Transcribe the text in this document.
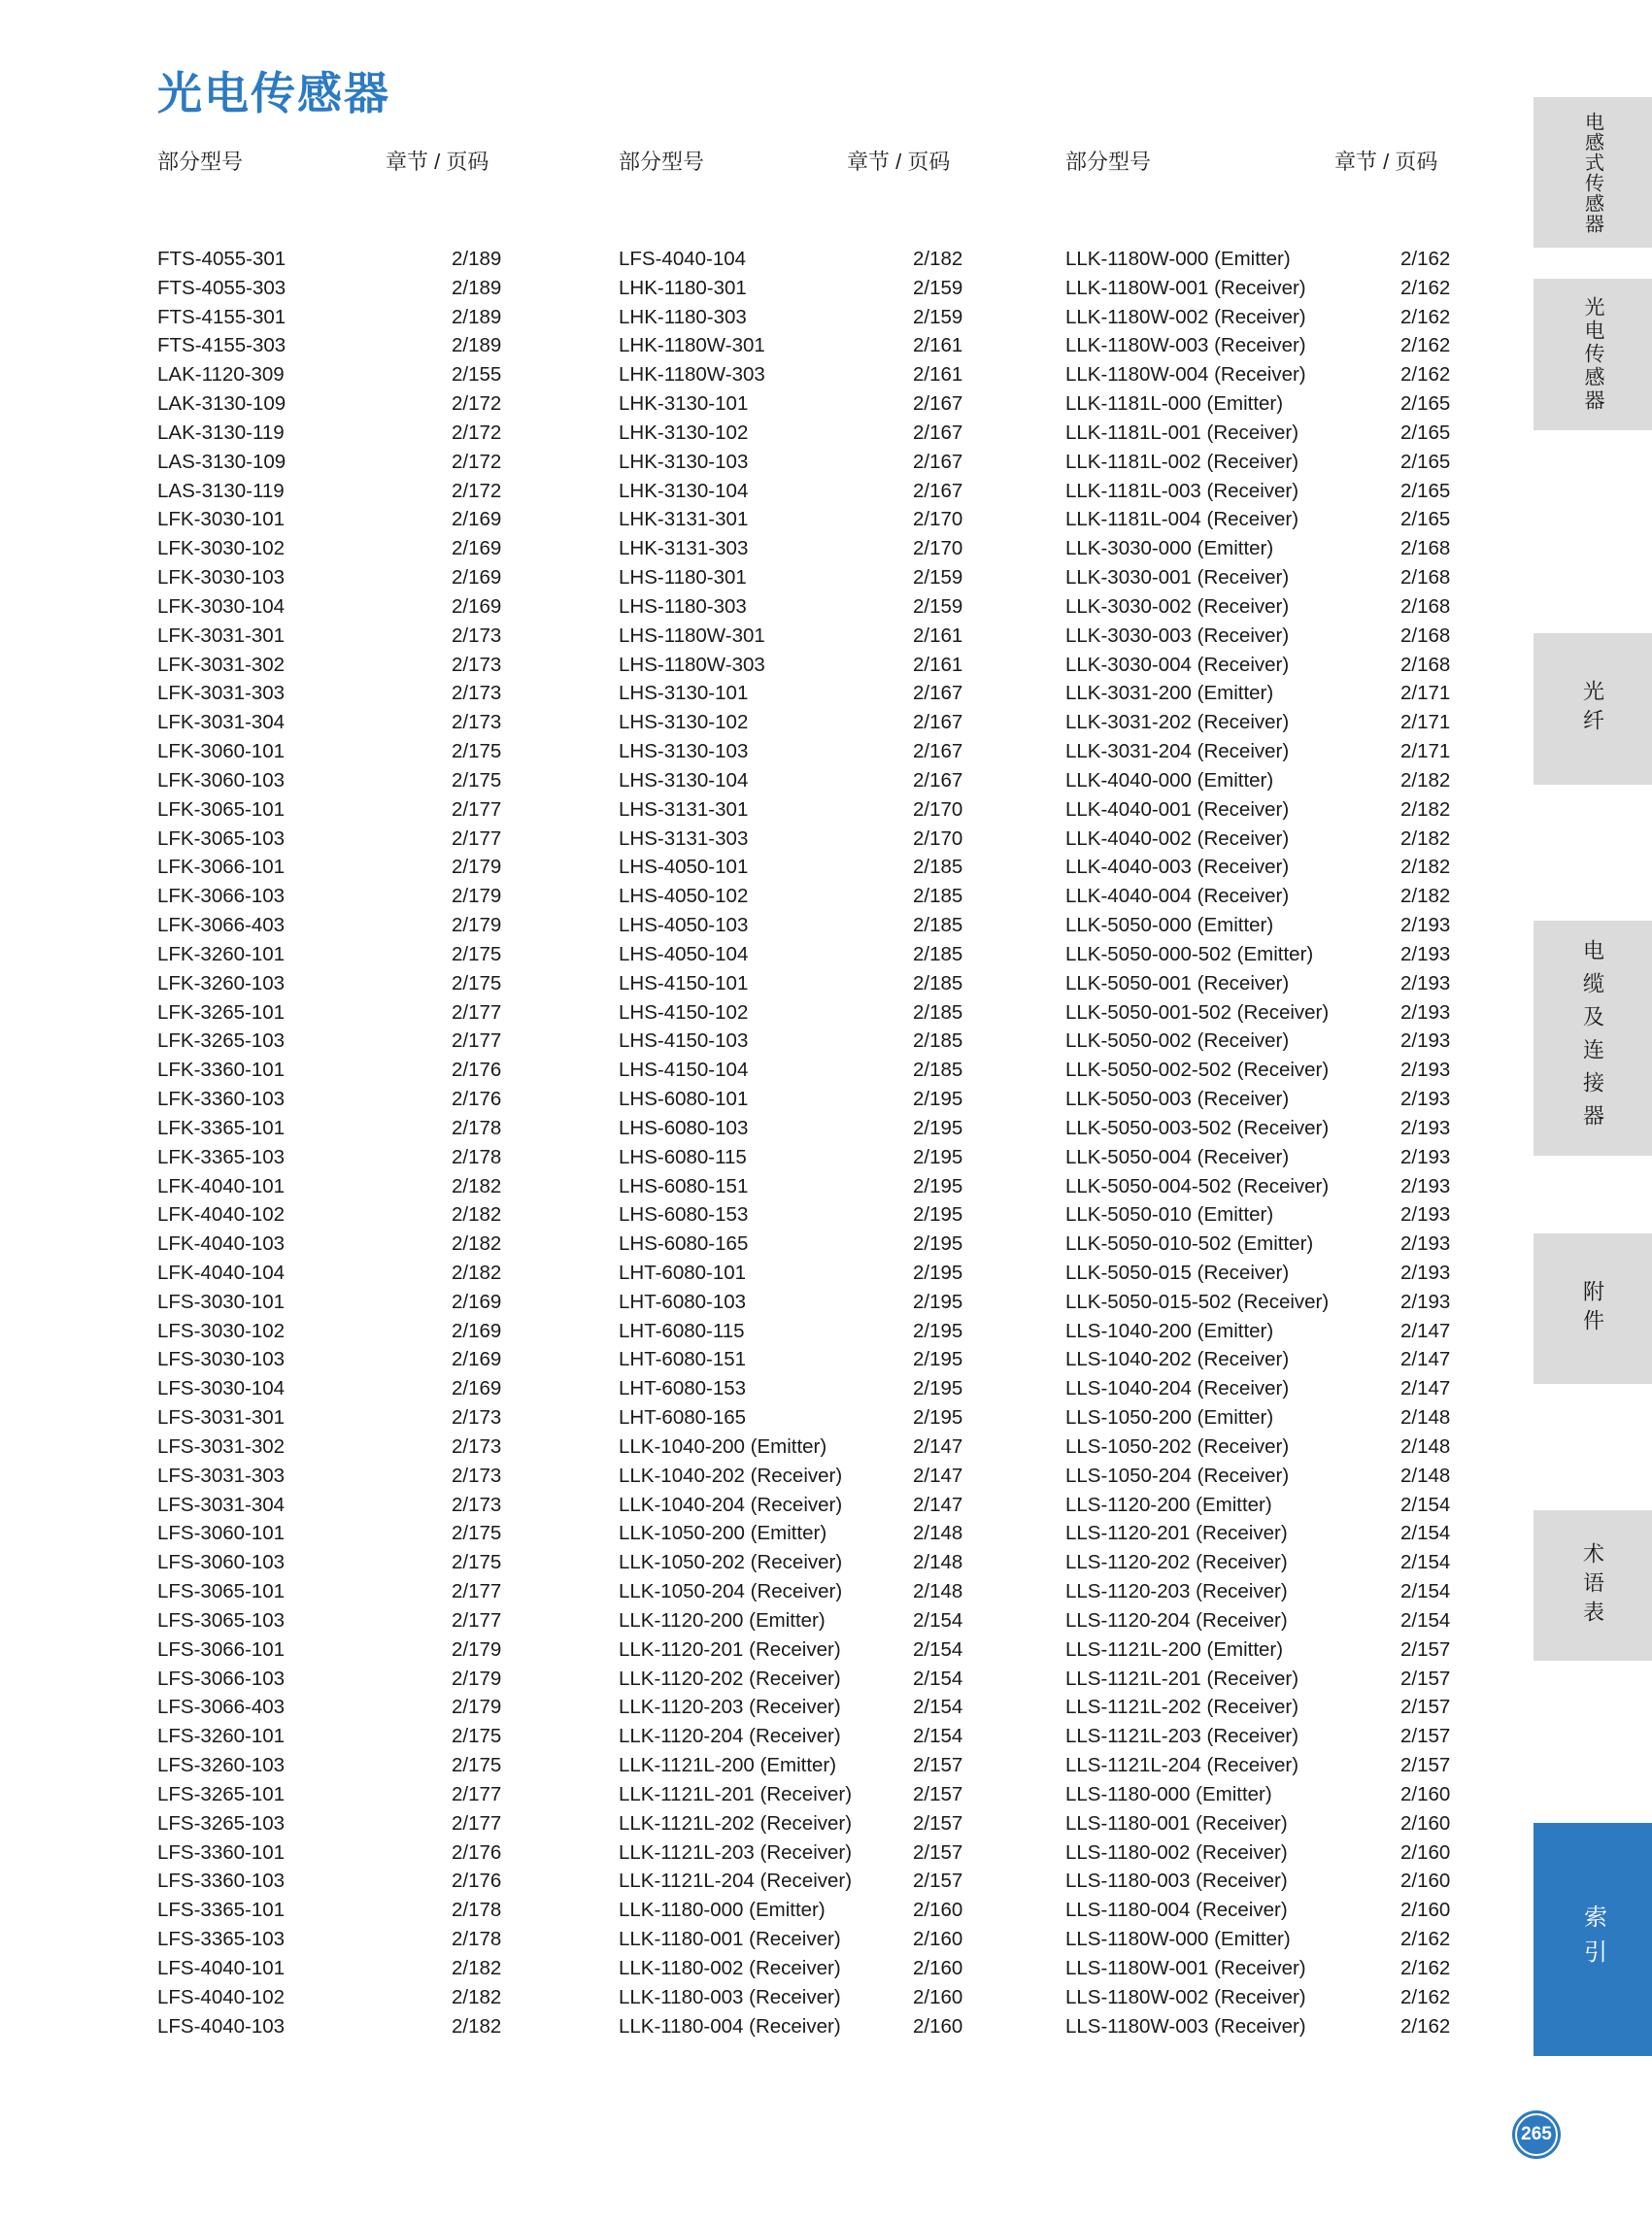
光电传感器
部分型号	章节 / 页码
FTS-4055-301	2/189
FTS-4055-303	2/189
FTS-4155-301	2/189
FTS-4155-303	2/189
LAK-1120-309	2/155
LAK-3130-109	2/172
LAK-3130-119	2/172
LAS-3130-109	2/172
LAS-3130-119	2/172
LFK-3030-101	2/169
LFK-3030-102	2/169
LFK-3030-103	2/169
LFK-3030-104	2/169
LFK-3031-301	2/173
LFK-3031-302	2/173
LFK-3031-303	2/173
LFK-3031-304	2/173
LFK-3060-101	2/175
LFK-3060-103	2/175
LFK-3065-101	2/177
LFK-3065-103	2/177
LFK-3066-101	2/179
LFK-3066-103	2/179
LFK-3066-403	2/179
LFK-3260-101	2/175
LFK-3260-103	2/175
LFK-3265-101	2/177
LFK-3265-103	2/177
LFK-3360-101	2/176
LFK-3360-103	2/176
LFK-3365-101	2/178
LFK-3365-103	2/178
LFK-4040-101	2/182
LFK-4040-102	2/182
LFK-4040-103	2/182
LFK-4040-104	2/182
LFS-3030-101	2/169
LFS-3030-102	2/169
LFS-3030-103	2/169
LFS-3030-104	2/169
LFS-3031-301	2/173
LFS-3031-302	2/173
LFS-3031-303	2/173
LFS-3031-304	2/173
LFS-3060-101	2/175
LFS-3060-103	2/175
LFS-3065-101	2/177
LFS-3065-103	2/177
LFS-3066-101	2/179
LFS-3066-103	2/179
LFS-3066-403	2/179
LFS-3260-101	2/175
LFS-3260-103	2/175
LFS-3265-101	2/177
LFS-3265-103	2/177
LFS-3360-101	2/176
LFS-3360-103	2/176
LFS-3365-101	2/178
LFS-3365-103	2/178
LFS-4040-101	2/182
LFS-4040-102	2/182
LFS-4040-103	2/182
部分型号	章节 / 页码
LFS-4040-104	2/182
LHK-1180-301	2/159
LHK-1180-303	2/159
LHK-1180W-301	2/161
LHK-1180W-303	2/161
LHK-3130-101	2/167
LHK-3130-102	2/167
LHK-3130-103	2/167
LHK-3130-104	2/167
LHK-3131-301	2/170
LHK-3131-303	2/170
LHS-1180-301	2/159
LHS-1180-303	2/159
LHS-1180W-301	2/161
LHS-1180W-303	2/161
LHS-3130-101	2/167
LHS-3130-102	2/167
LHS-3130-103	2/167
LHS-3130-104	2/167
LHS-3131-301	2/170
LHS-3131-303	2/170
LHS-4050-101	2/185
LHS-4050-102	2/185
LHS-4050-103	2/185
LHS-4050-104	2/185
LHS-4150-101	2/185
LHS-4150-102	2/185
LHS-4150-103	2/185
LHS-4150-104	2/185
LHS-6080-101	2/195
LHS-6080-103	2/195
LHS-6080-115	2/195
LHS-6080-151	2/195
LHS-6080-153	2/195
LHS-6080-165	2/195
LHT-6080-101	2/195
LHT-6080-103	2/195
LHT-6080-115	2/195
LHT-6080-151	2/195
LHT-6080-153	2/195
LHT-6080-165	2/195
LLK-1040-200 (Emitter)	2/147
LLK-1040-202 (Receiver)	2/147
LLK-1040-204 (Receiver)	2/147
LLK-1050-200 (Emitter)	2/148
LLK-1050-202 (Receiver)	2/148
LLK-1050-204 (Receiver)	2/148
LLK-1120-200 (Emitter)	2/154
LLK-1120-201 (Receiver)	2/154
LLK-1120-202 (Receiver)	2/154
LLK-1120-203 (Receiver)	2/154
LLK-1120-204 (Receiver)	2/154
LLK-1121L-200 (Emitter)	2/157
LLK-1121L-201 (Receiver)	2/157
LLK-1121L-202 (Receiver)	2/157
LLK-1121L-203 (Receiver)	2/157
LLK-1121L-204 (Receiver)	2/157
LLK-1180-000 (Emitter)	2/160
LLK-1180-001 (Receiver)	2/160
LLK-1180-002 (Receiver)	2/160
LLK-1180-003 (Receiver)	2/160
LLK-1180-004 (Receiver)	2/160
部分型号	章节 / 页码
LLK-1180W-000 (Emitter)	2/162
LLK-1180W-001 (Receiver)	2/162
LLK-1180W-002 (Receiver)	2/162
LLK-1180W-003 (Receiver)	2/162
LLK-1180W-004 (Receiver)	2/162
LLK-1181L-000 (Emitter)	2/165
LLK-1181L-001 (Receiver)	2/165
LLK-1181L-002 (Receiver)	2/165
LLK-1181L-003 (Receiver)	2/165
LLK-1181L-004 (Receiver)	2/165
LLK-3030-000 (Emitter)	2/168
LLK-3030-001 (Receiver)	2/168
LLK-3030-002 (Receiver)	2/168
LLK-3030-003 (Receiver)	2/168
LLK-3030-004 (Receiver)	2/168
LLK-3031-200 (Emitter)	2/171
LLK-3031-202 (Receiver)	2/171
LLK-3031-204 (Receiver)	2/171
LLK-4040-000 (Emitter)	2/182
LLK-4040-001 (Receiver)	2/182
LLK-4040-002 (Receiver)	2/182
LLK-4040-003 (Receiver)	2/182
LLK-4040-004 (Receiver)	2/182
LLK-5050-000 (Emitter)	2/193
LLK-5050-000-502 (Emitter)	2/193
LLK-5050-001 (Receiver)	2/193
LLK-5050-001-502 (Receiver)	2/193
LLK-5050-002 (Receiver)	2/193
LLK-5050-002-502 (Receiver)	2/193
LLK-5050-003 (Receiver)	2/193
LLK-5050-003-502 (Receiver)	2/193
LLK-5050-004 (Receiver)	2/193
LLK-5050-004-502 (Receiver)	2/193
LLK-5050-010 (Emitter)	2/193
LLK-5050-010-502 (Emitter)	2/193
LLK-5050-015 (Receiver)	2/193
LLK-5050-015-502 (Receiver)	2/193
LLS-1040-200 (Emitter)	2/147
LLS-1040-202 (Receiver)	2/147
LLS-1040-204 (Receiver)	2/147
LLS-1050-200 (Emitter)	2/148
LLS-1050-202 (Receiver)	2/148
LLS-1050-204 (Receiver)	2/148
LLS-1120-200 (Emitter)	2/154
LLS-1120-201 (Receiver)	2/154
LLS-1120-202 (Receiver)	2/154
LLS-1120-203 (Receiver)	2/154
LLS-1120-204 (Receiver)	2/154
LLS-1121L-200 (Emitter)	2/157
LLS-1121L-201 (Receiver)	2/157
LLS-1121L-202 (Receiver)	2/157
LLS-1121L-203 (Receiver)	2/157
LLS-1121L-204 (Receiver)	2/157
LLS-1180-000 (Emitter)	2/160
LLS-1180-001 (Receiver)	2/160
LLS-1180-002 (Receiver)	2/160
LLS-1180-003 (Receiver)	2/160
LLS-1180-004 (Receiver)	2/160
LLS-1180W-000 (Emitter)	2/162
LLS-1180W-001 (Receiver)	2/162
LLS-1180W-002 (Receiver)	2/162
LLS-1180W-003 (Receiver)	2/162
电感式传感器
光电传感器
光纤
电缆及连接器
附件
术语表
索引
265
